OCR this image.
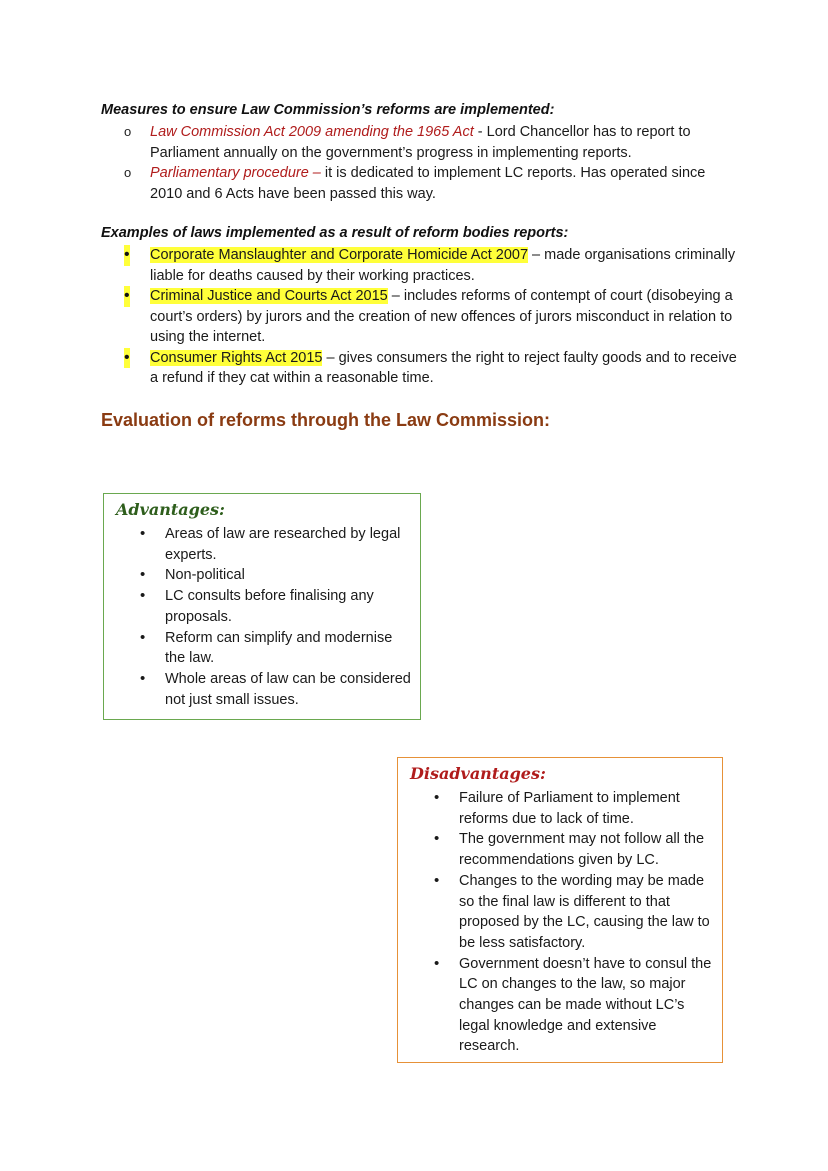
Measures to ensure Law Commission’s reforms are implemented:

o Law Commission Act 2009 amending the 1965 Act - Lord Chancellor has to report to Parliament annually on the government’s progress in implementing reports.
o Parliamentary procedure – it is dedicated to implement LC reports. Has operated since 2010 and 6 Acts have been passed this way.

Examples of laws implemented as a result of reform bodies reports:

• Corporate Manslaughter and Corporate Homicide Act 2007 – made organisations criminally liable for deaths caused by their working practices.
• Criminal Justice and Courts Act 2015 – includes reforms of contempt of court (disobeying a court’s orders) by jurors and the creation of new offences of jurors misconduct in relation to using the internet.
• Consumer Rights Act 2015 – gives consumers the right to reject faulty goods and to receive a refund if they cat within a reasonable time.
Evaluation of reforms through the Law Commission:

Advantages:

• Areas of law are researched by legal experts.
• Non-political
• LC consults before finalising any proposals.
• Reform can simplify and modernise the law.
• Whole areas of law can be considered not just small issues.

Disadvantages:

• Failure of Parliament to implement reforms due to lack of time.
• The government may not follow all the recommendations given by LC.
• Changes to the wording may be made so the final law is different to that proposed by the LC, causing the law to be less satisfactory.
• Government doesn’t have to consul the LC on changes to the law, so major changes can be made without LC’s legal knowledge and extensive research.
